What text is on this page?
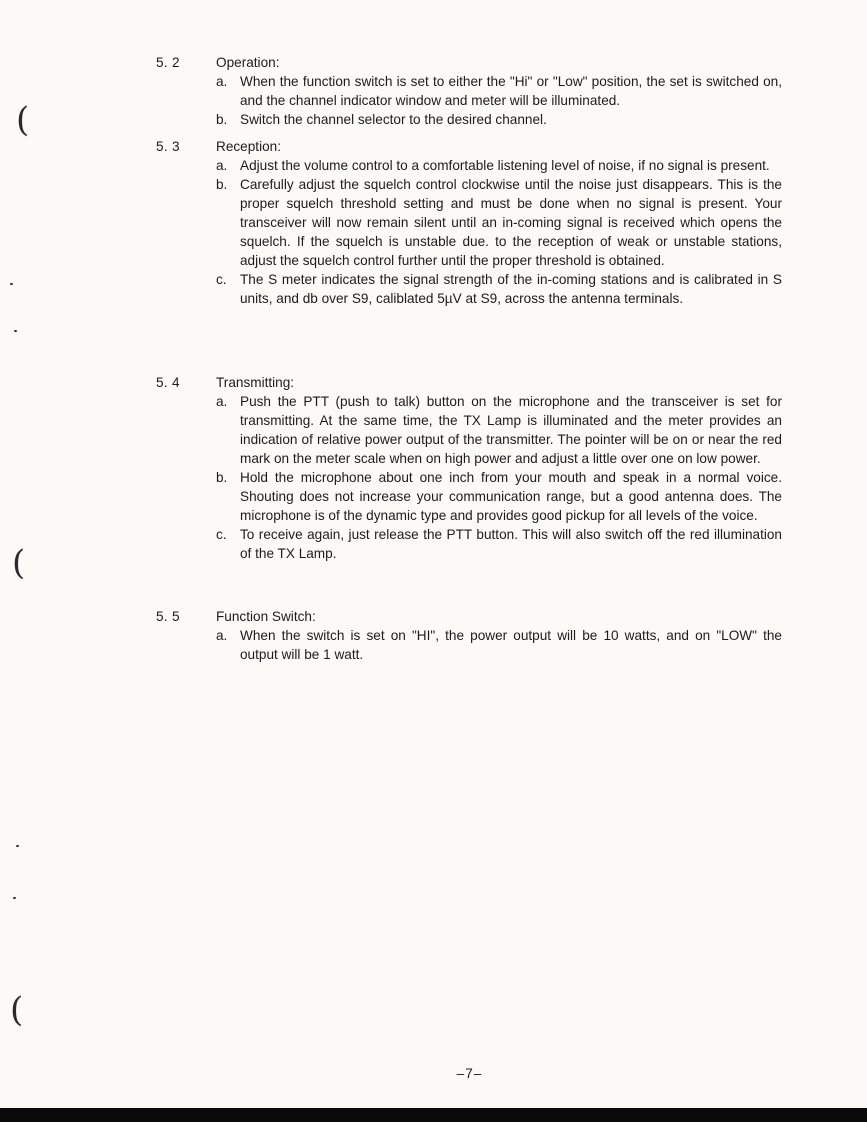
(
(
(
5. 2	Operation:
a. When the function switch is set to either the "Hi" or "Low" position, the set is switched on, and the channel indicator window and meter will be illuminated.
b. Switch the channel selector to the desired channel.
5. 3	Reception:
a. Adjust the volume control to a comfortable listening level of noise, if no signal is present.
b. Carefully adjust the squelch control clockwise until the noise just disappears. This is the proper squelch threshold setting and must be done when no signal is present. Your transceiver will now remain silent until an in-coming signal is received which opens the squelch. If the squelch is unstable due. to the reception of weak or unstable stations, adjust the squelch control further until the proper threshold is obtained.
c. The S meter indicates the signal strength of the in-coming stations and is calibrated in S units, and db over S9, caliblated 5µV at S9, across the antenna terminals.
5. 4	Transmitting:
a. Push the PTT (push to talk) button on the microphone and the transceiver is set for transmitting. At the same time, the TX Lamp is illuminated and the meter provides an indication of relative power output of the transmitter. The pointer will be on or near the red mark on the meter scale when on high power and adjust a little over one on low power.
b. Hold the microphone about one inch from your mouth and speak in a normal voice. Shouting does not increase your communication range, but a good antenna does. The microphone is of the dynamic type and provides good pickup for all levels of the voice.
c. To receive again, just release the PTT button. This will also switch off the red illumination of the TX Lamp.
5. 5	Function Switch:
a. When the switch is set on "HI", the power output will be 10 watts, and on "LOW" the output will be 1 watt.
–7–
